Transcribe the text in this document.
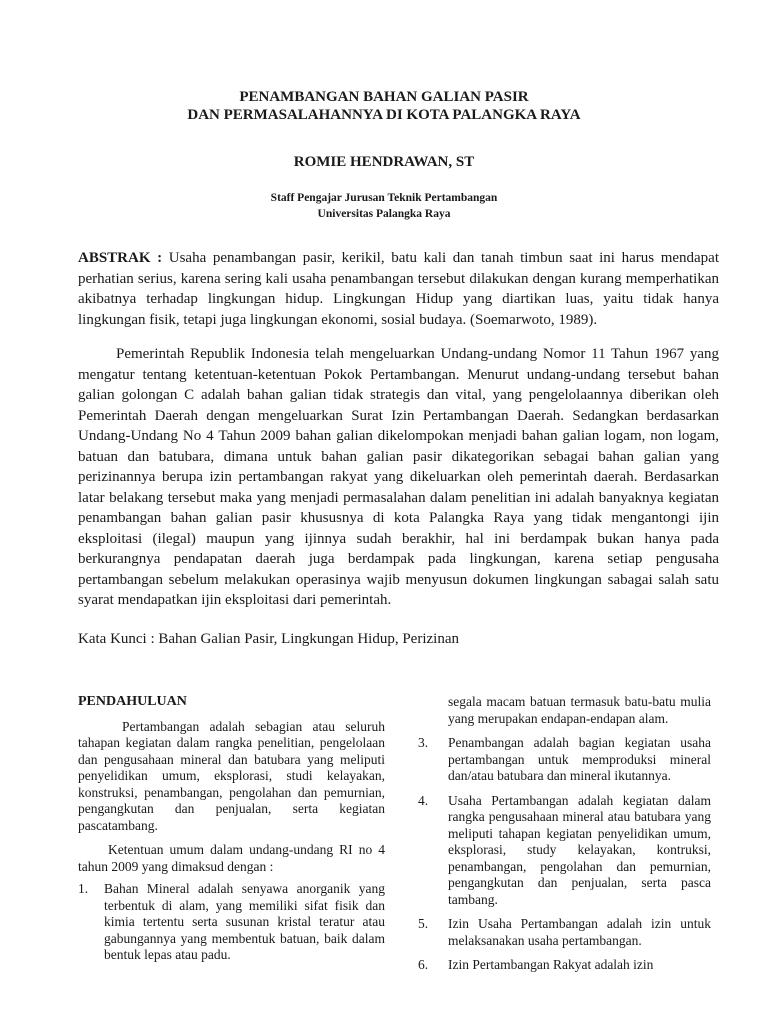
PENAMBANGAN BAHAN GALIAN PASIR
DAN PERMASALAHANNYA DI KOTA PALANGKA RAYA
ROMIE HENDRAWAN, ST
Staff Pengajar Jurusan Teknik Pertambangan
Universitas Palangka Raya
ABSTRAK : Usaha penambangan pasir, kerikil, batu kali dan tanah timbun saat ini harus mendapat perhatian serius, karena sering kali usaha penambangan tersebut dilakukan dengan kurang memperhatikan akibatnya terhadap lingkungan hidup. Lingkungan Hidup yang diartikan luas, yaitu tidak hanya lingkungan fisik, tetapi juga lingkungan ekonomi, sosial budaya. (Soemarwoto, 1989).
Pemerintah Republik Indonesia telah mengeluarkan Undang-undang Nomor 11 Tahun 1967 yang mengatur tentang ketentuan-ketentuan Pokok Pertambangan. Menurut undang-undang tersebut bahan galian golongan C adalah bahan galian tidak strategis dan vital, yang pengelolaannya diberikan oleh Pemerintah Daerah dengan mengeluarkan Surat Izin Pertambangan Daerah. Sedangkan berdasarkan Undang-Undang No 4 Tahun 2009 bahan galian dikelompokan menjadi bahan galian logam, non logam, batuan dan batubara, dimana untuk bahan galian pasir dikategorikan sebagai bahan galian yang perizinannya berupa izin pertambangan rakyat yang dikeluarkan oleh pemerintah daerah. Berdasarkan latar belakang tersebut maka yang menjadi permasalahan dalam penelitian ini adalah banyaknya kegiatan penambangan bahan galian pasir khususnya di kota Palangka Raya yang tidak mengantongi ijin eksploitasi (ilegal) maupun yang ijinnya sudah berakhir, hal ini berdampak bukan hanya pada berkurangnya pendapatan daerah juga berdampak pada lingkungan, karena setiap pengusaha pertambangan sebelum melakukan operasinya wajib menyusun dokumen lingkungan sabagai salah satu syarat mendapatkan ijin eksploitasi dari pemerintah.
Kata Kunci : Bahan Galian Pasir, Lingkungan Hidup, Perizinan
PENDAHULUAN

Pertambangan adalah sebagian atau seluruh tahapan kegiatan dalam rangka penelitian, pengelolaan dan pengusahaan mineral dan batubara yang meliputi penyelidikan umum, eksplorasi, studi kelayakan, konstruksi, penambangan, pengolahan dan pemurnian, pengangkutan dan penjualan, serta kegiatan pascatambang.

Ketentuan umum dalam undang-undang RI no 4 tahun 2009 yang dimaksud dengan :

1.	Bahan Mineral adalah senyawa anorganik yang terbentuk di alam, yang memiliki sifat fisik dan kimia tertentu serta susunan kristal teratur atau gabungannya yang membentuk batuan, baik dalam bentuk lepas atau padu.

segala macam batuan termasuk batu-batu mulia yang merupakan endapan-endapan alam.

3.	Penambangan adalah bagian kegiatan usaha pertambangan untuk memproduksi mineral dan/atau batubara dan mineral ikutannya.
4.	Usaha Pertambangan adalah kegiatan dalam rangka pengusahaan mineral atau batubara yang meliputi tahapan kegiatan penyelidikan umum, eksplorasi, study kelayakan, kontruksi, penambangan, pengolahan dan pemurnian, pengangkutan dan penjualan, serta pasca tambang.
5.	Izin Usaha Pertambangan adalah izin untuk melaksanakan usaha pertambangan.
6.	Izin Pertambangan Rakyat adalah izin
